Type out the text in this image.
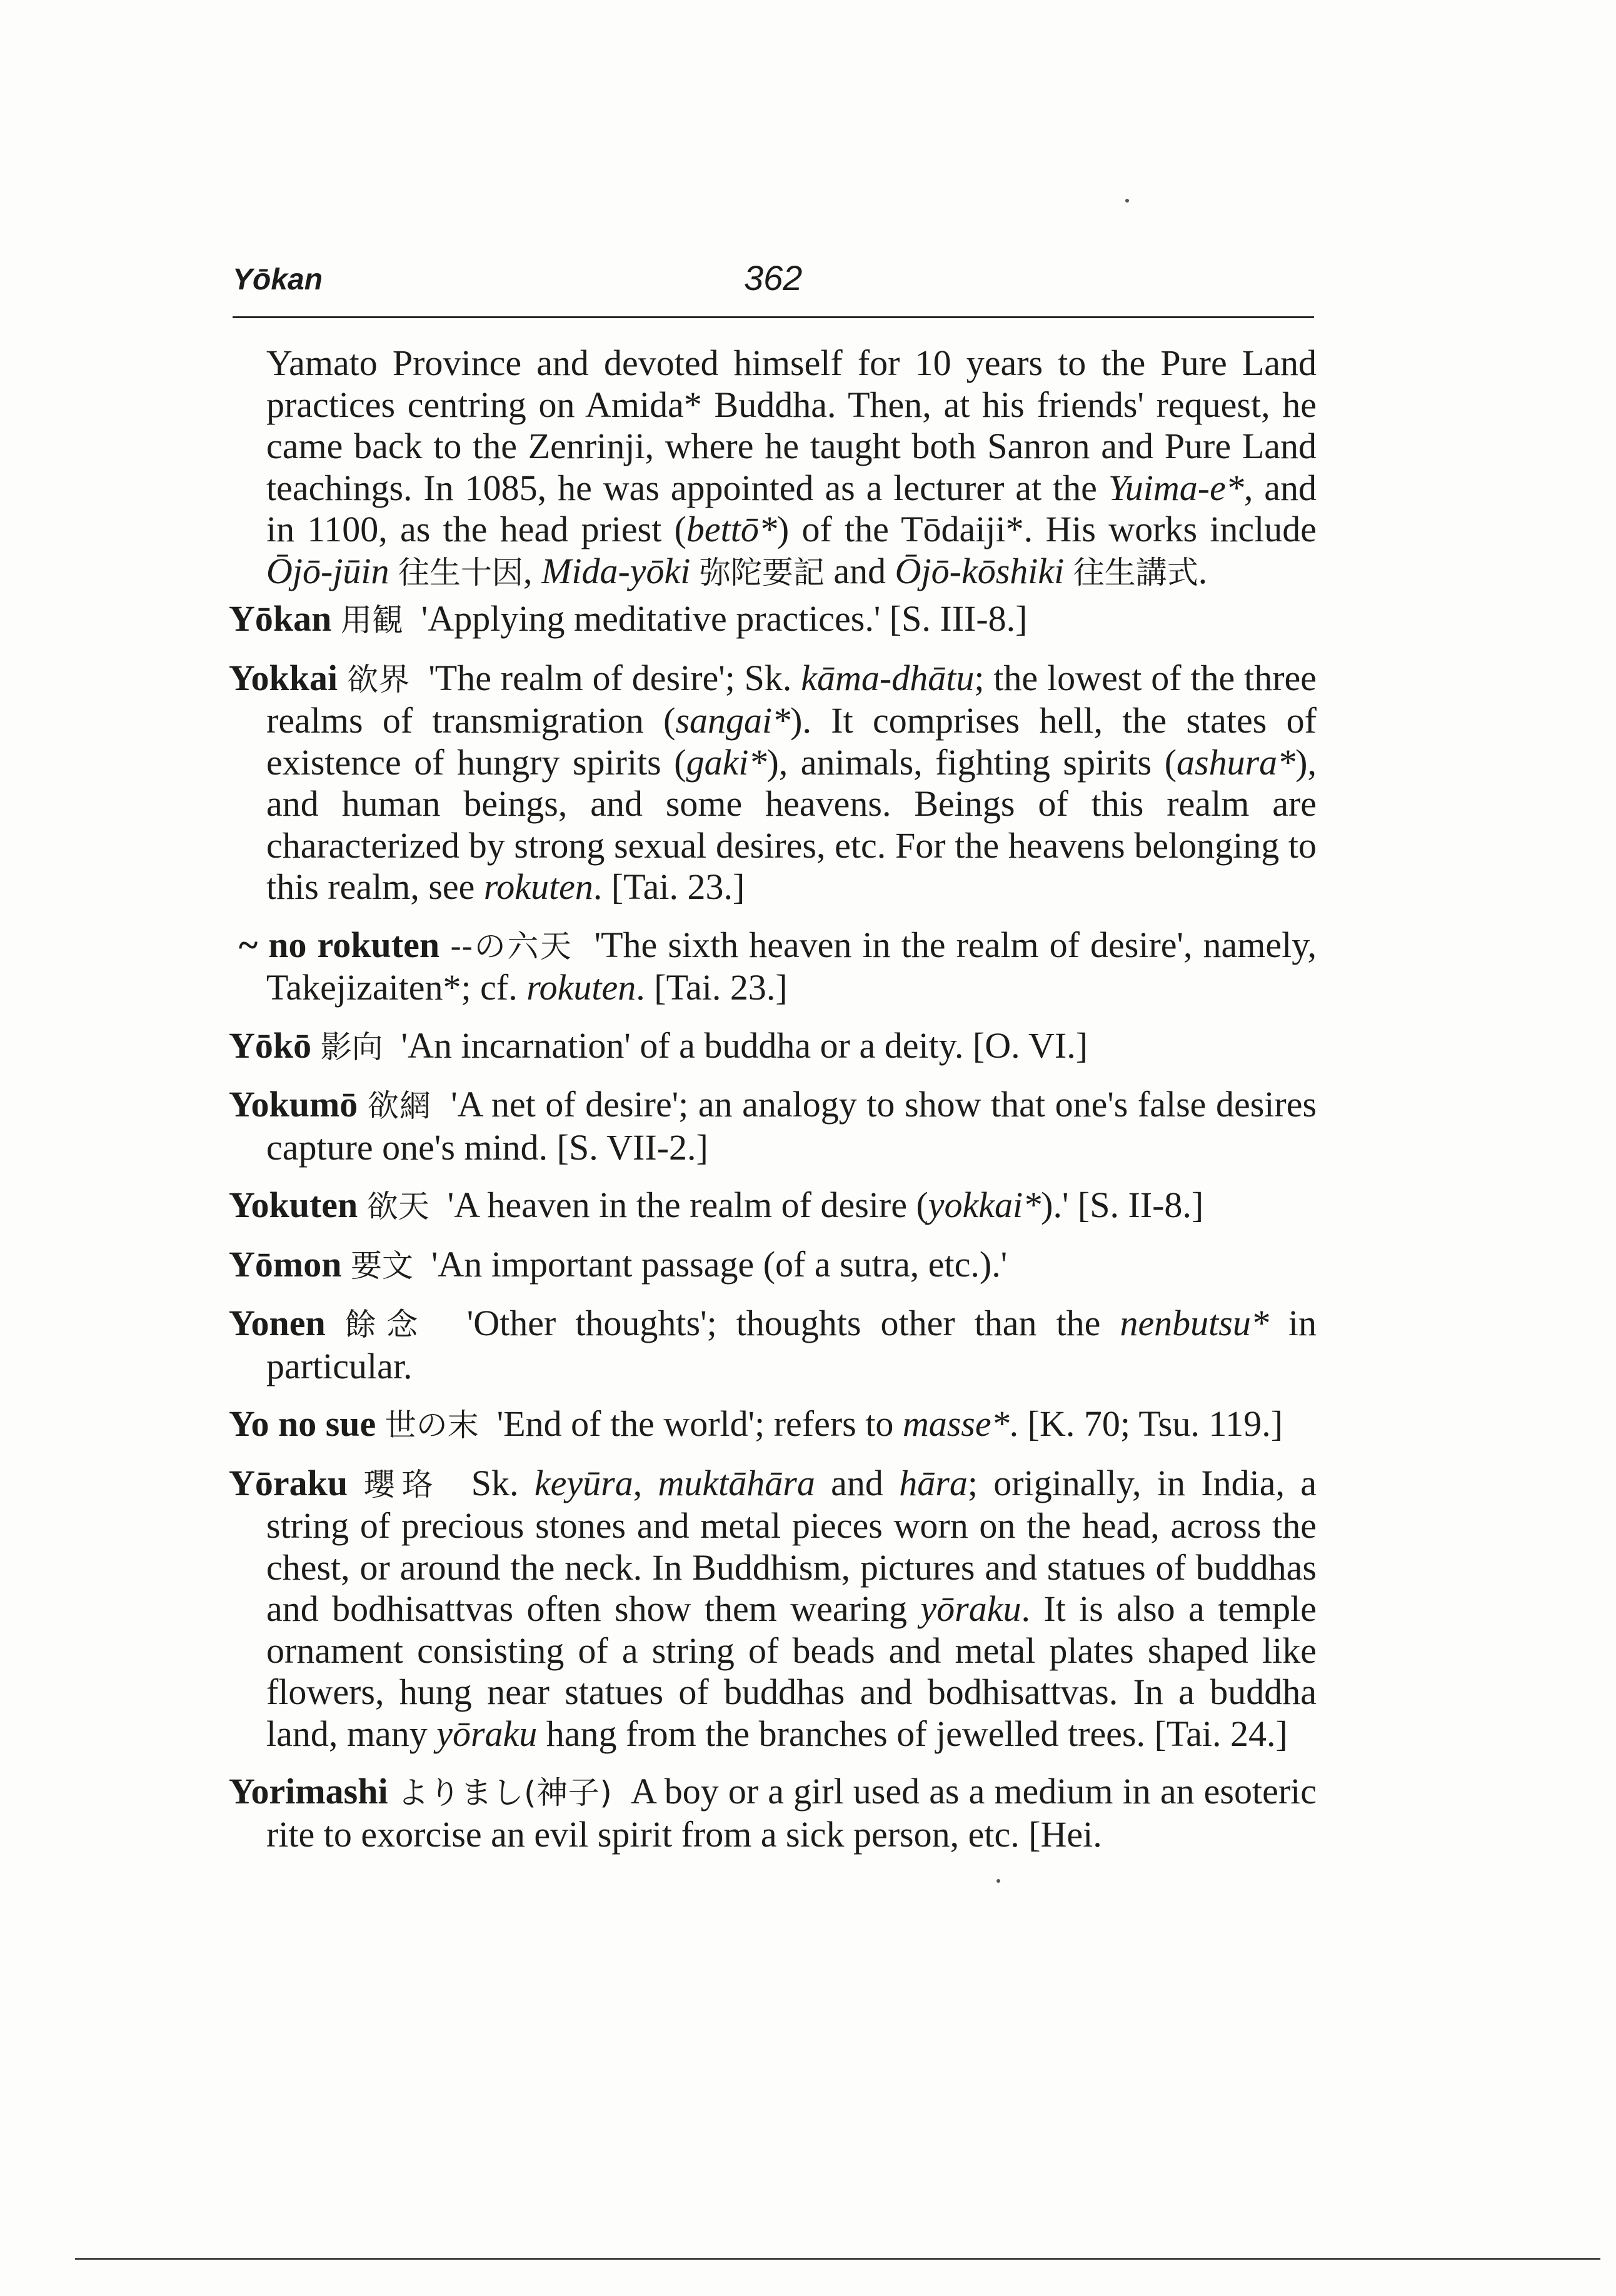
Yōkan	362

Yamato Province and devoted himself for 10 years to the Pure Land practices centring on Amida* Buddha. Then, at his friends' request, he came back to the Zenrinji, where he taught both Sanron and Pure Land teachings. In 1085, he was appointed as a lecturer at the Yuima-e*, and in 1100, as the head priest (bettō*) of the Tōdaiji*. His works include Ōjō-jūin 往生十因, Mida-yōki 弥陀要記 and Ōjō-kōshiki 往生講式.

Yōkan 用観 'Applying meditative practices.' [S. III-8.]

Yokkai 欲界 'The realm of desire'; Sk. kāma-dhātu; the lowest of the three realms of transmigration (sangai*). It comprises hell, the states of existence of hungry spirits (gaki*), animals, fighting spirits (ashura*), and human beings, and some heavens. Beings of this realm are characterized by strong sexual desires, etc. For the heavens belonging to this realm, see rokuten. [Tai. 23.]

~ no rokuten --の六天 'The sixth heaven in the realm of desire', namely, Takejizaiten*; cf. rokuten. [Tai. 23.]

Yōkō 影向 'An incarnation' of a buddha or a deity. [O. VI.]

Yokumō 欲網 'A net of desire'; an analogy to show that one's false desires capture one's mind. [S. VII-2.]

Yokuten 欲天 'A heaven in the realm of desire (yokkai*).' [S. II-8.]

Yōmon 要文 'An important passage (of a sutra, etc.).'

Yonen 餘念 'Other thoughts'; thoughts other than the nenbutsu* in particular.

Yo no sue 世の末 'End of the world'; refers to masse*. [K. 70; Tsu. 119.]

Yōraku 瓔珞 Sk. keyūra, muktāhāra and hāra; originally, in India, a string of precious stones and metal pieces worn on the head, across the chest, or around the neck. In Buddhism, pictures and statues of buddhas and bodhisattvas often show them wearing yōraku. It is also a temple ornament consisting of a string of beads and metal plates shaped like flowers, hung near statues of buddhas and bodhisattvas. In a buddha land, many yōraku hang from the branches of jewelled trees. [Tai. 24.]

Yorimashi よりまし(神子) A boy or a girl used as a medium in an esoteric rite to exorcise an evil spirit from a sick person, etc. [Hei.
